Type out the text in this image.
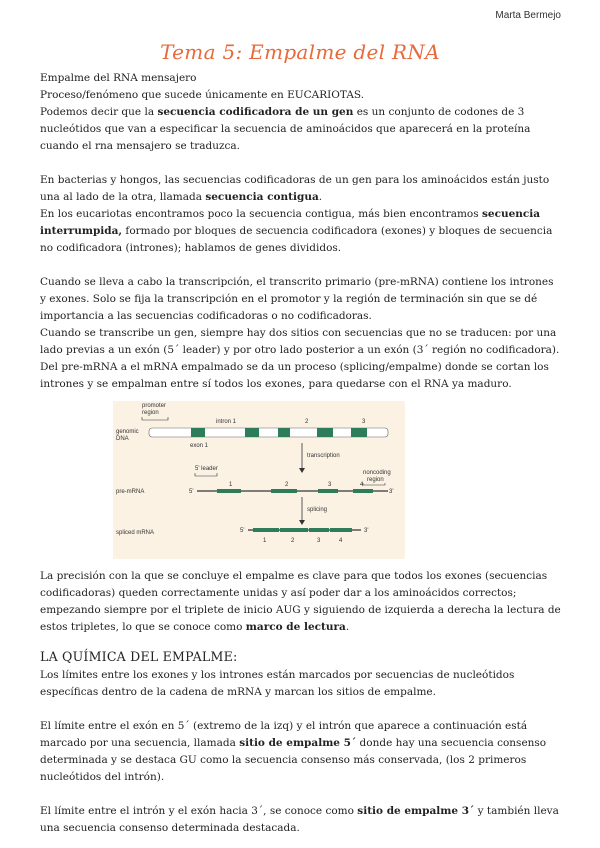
Marta Bermejo
Tema 5: Empalme del RNA

Empalme del RNA mensajero

Proceso/fenómeno que sucede únicamente en EUCARIOTAS.

Podemos decir que la secuencia codificadora de un gen es un conjunto de codones de 3 nucleótidos que van a especificar la secuencia de aminoácidos que aparecerá en la proteína cuando el rna mensajero se traduzca.

En bacterias y hongos, las secuencias codificadoras de un gen para los aminoácidos están justo una al lado de la otra, llamada secuencia contigua.

En los eucariotas encontramos poco la secuencia contigua, más bien encontramos secuencia interrumpida, formado por bloques de secuencia codificadora (exones) y bloques de secuencia no codificadora (intrones); hablamos de genes divididos.

Cuando se lleva a cabo la transcripción, el transcrito primario (pre-mRNA) contiene los intrones y exones. Solo se fija la transcripción en el promotor y la región de terminación sin que se dé importancia a las secuencias codificadoras o no codificadoras.

Cuando se transcribe un gen, siempre hay dos sitios con secuencias que no se traducen: por una lado previas a un exón (5´ leader) y por otro lado posterior a un exón (3´ región no codificadora).

Del pre-mRNA a el mRNA empalmado se da un proceso (splicing/empalme) donde se cortan los intrones y se empalman entre sí todos los exones, para quedarse con el RNA ya maduro.

promoter
region
intron 1	2	3
genomic
DNA
exon 1
transcription
5' leader
noncoding
region
1	2	3	4
pre-mRNA	5'	3'
splicing
spliced mRNA	5'	3'
1	2	3	4

La precisión con la que se concluye el empalme es clave para que todos los exones (secuencias codificadoras) queden correctamente unidas y así poder dar a los aminoácidos correctos; empezando siempre por el triplete de inicio AUG y siguiendo de izquierda a derecha la lectura de estos tripletes, lo que se conoce como marco de lectura.

LA QUÍMICA DEL EMPALME:

Los límites entre los exones y los intrones están marcados por secuencias de nucleótidos específicas dentro de la cadena de mRNA y marcan los sitios de empalme.

El límite entre el exón en 5´ (extremo de la izq) y el intrón que aparece a continuación está marcado por una secuencia, llamada sitio de empalme 5´ donde hay una secuencia consenso determinada y se destaca GU como la secuencia consenso más conservada, (los 2 primeros nucleótidos del intrón).

El límite entre el intrón y el exón hacia 3´, se conoce como sitio de empalme 3´ y también lleva una secuencia consenso determinada destacada.
